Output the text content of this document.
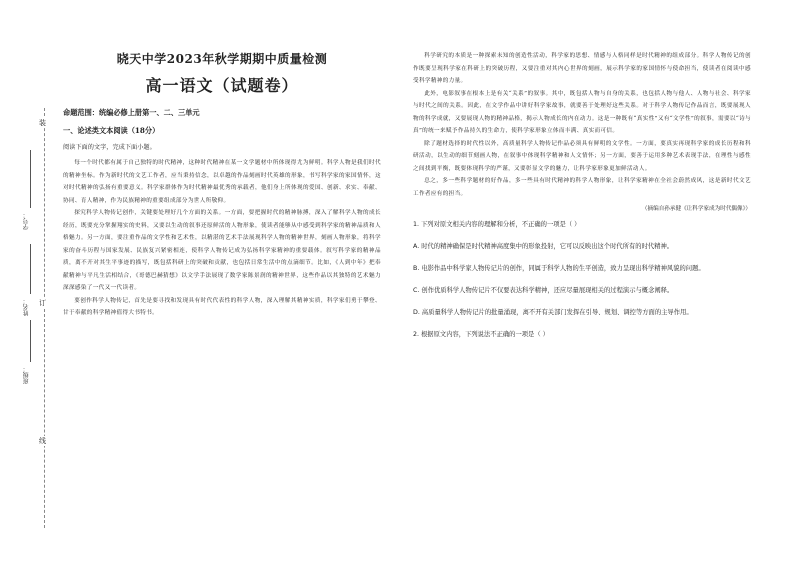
装
订
线
学号：
姓名：
班级：
晓天中学2023年秋学期期中质量检测
高一语文（试题卷）
命题范围：统编必修上册第一、二、三单元
一、论述类文本阅读（18分）
阅读下面的文字，完成下面小题。

每一个时代都有属于自己独特的时代精神，这种时代精神在某一文学题材中所体现得尤为鲜明。科学人物是我们时代的精神坐标。作为新时代的文艺工作者，应当秉持信念，以卓越的作品刻画时代英雄的形象，书写科学家的家国情怀，这对时代精神的弘扬有重要意义。科学家群体作为时代精神最优秀的承载者，他们身上所体现的爱国、创新、求实、奉献、协同、育人精神，作为民族精神的重要组成部分为世人所敬仰。

探究科学人物传记创作，关键要处理好几个方面的关系。一方面，要把握时代的精神脉搏，深入了解科学人物的成长经历，既要充分掌握翔实的史料，又要以生动的叙事还原鲜活的人物形象，使读者能够从中感受到科学家的精神品质和人格魅力。另一方面，要注重作品的文学性和艺术性，以精湛的艺术手法展现科学人物的精神世界，刻画人物形象，将科学家的奋斗历程与国家发展、民族复兴紧密相连，使科学人物传记成为弘扬科学家精神的重要载体。叙写科学家的精神品质，离不开对其生平事迹的描写，既包括科研上的突破和贡献，也包括日常生活中的点滴细节。比如，《人到中年》把奉献精神与平凡生活相结合，《哥德巴赫猜想》以文学手法展现了数学家陈景润的精神世界，这些作品以其独特的艺术魅力深深感染了一代又一代读者。

要创作科学人物传记，首先是要寻找和发现具有时代代表性的科学人物，深入理解其精神实质，科学家们勇于攀登、甘于奉献的科学精神值得大书特书。

科学研究的本质是一种探索未知的创造性活动，科学家的思想、情感与人格同样是时代精神的组成部分。科学人物传记的创作既要呈现科学家在科研上的突破历程，又要注重对其内心世界的刻画，展示科学家的家国情怀与使命担当，使读者在阅读中感受科学精神的力量。

此外，电影叙事在根本上是有关“关系”的叙事。其中，既包括人物与自身的关系，也包括人物与他人、人物与社会、科学家与时代之间的关系。因此，在文学作品中讲好科学家故事，就要善于处理好这些关系。对于科学人物传记作品而言，既要展现人物的科学成就，又要展现人物的精神品格，揭示人物成长的内在动力。这是一种既有“真实性”又有“文学性”的叙事，需要以“诗与真”的统一来赋予作品持久的生命力，使科学家形象立体而丰满、真实而可信。

除了题材选择的时代性以外，高质量科学人物传记作品必须具有鲜明的文学性。一方面，要真实再现科学家的成长历程和科研活动，以生动的细节刻画人物，在叙事中体现科学精神和人文情怀；另一方面，要善于运用多种艺术表现手法，在理性与感性之间找到平衡，既要体现科学的严谨，又要彰显文学的魅力，让科学家形象更加鲜活动人。

总之，多一些科学题材的好作品，多一些具有时代精神的科学人物形象，让科学家精神在全社会蔚然成风，这是新时代文艺工作者应有的担当。

（摘编自孙承健《让科学家成为时代偶像》）
1. 下列对原文相关内容的理解和分析，不正确的一项是（ ）
A. 时代的精神确保是时代精神高度集中的形象投射，它可以反映出这个时代所有的时代精神。
B. 电影作品中科学家人物传记片的创作，同属于科学人物的生平创造，致力呈现出科学精神风貌的问题。
C. 创作优质科学人物传记片不仅要表达科学精神，还应尽量展现相关的过程演示与概念阐释。
D. 高质量科学人物传记片的批量涌现，离不开有关部门发挥在引导、规划、调控等方面的主导作用。
2. 根据原文内容，下列说法不正确的一项是（ ）
